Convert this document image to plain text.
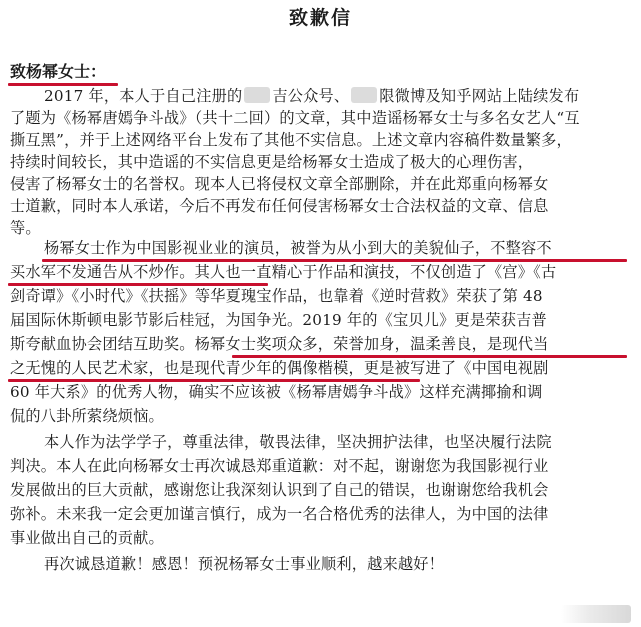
致歉信
致杨幂女士：
2017 年，本人于自己注册的 吉公众号、 限微博及知乎网站上陆续发布
了题为《杨幂唐嫣争斗战》（共十二回）的文章，其中造谣杨幂女士与多名女艺人“互
撕互黑”，并于上述网络平台上发布了其他不实信息。上述文章内容稿件数量繁多，
持续时间较长，其中造谣的不实信息更是给杨幂女士造成了极大的心理伤害，
侵害了杨幂女士的名誉权。现本人已将侵权文章全部删除，并在此郑重向杨幂女
士道歉，同时本人承诺，今后不再发布任何侵害杨幂女士合法权益的文章、信息
等。
杨幂女士作为中国影视业业的演员，被誉为从小到大的美貌仙子，不整容不
买水军不发通告从不炒作。其人也一直精心于作品和演技，不仅创造了《宫》《古
剑奇谭》《小时代》《扶摇》等华夏瑰宝作品，也靠着《逆时营救》荣获了第 48
届国际休斯顿电影节影后桂冠，为国争光。2019 年的《宝贝儿》更是荣获吉普
斯夸献血协会团结互助奖。杨幂女士奖项众多，荣誉加身，温柔善良，是现代当
之无愧的人民艺术家，也是现代青少年的偶像楷模，更是被写进了《中国电视剧
60 年大系》的优秀人物，确实不应该被《杨幂唐嫣争斗战》这样充满揶揄和调
侃的八卦所萦绕烦恼。
本人作为法学学子，尊重法律，敬畏法律，坚决拥护法律，也坚决履行法院
判决。本人在此向杨幂女士再次诚恳郑重道歉：对不起，谢谢您为我国影视行业
发展做出的巨大贡献，感谢您让我深刻认识到了自己的错误，也谢谢您给我机会
弥补。未来我一定会更加谨言慎行，成为一名合格优秀的法律人，为中国的法律
事业做出自己的贡献。
再次诚恳道歉！感恩！预祝杨幂女士事业顺利，越来越好！
